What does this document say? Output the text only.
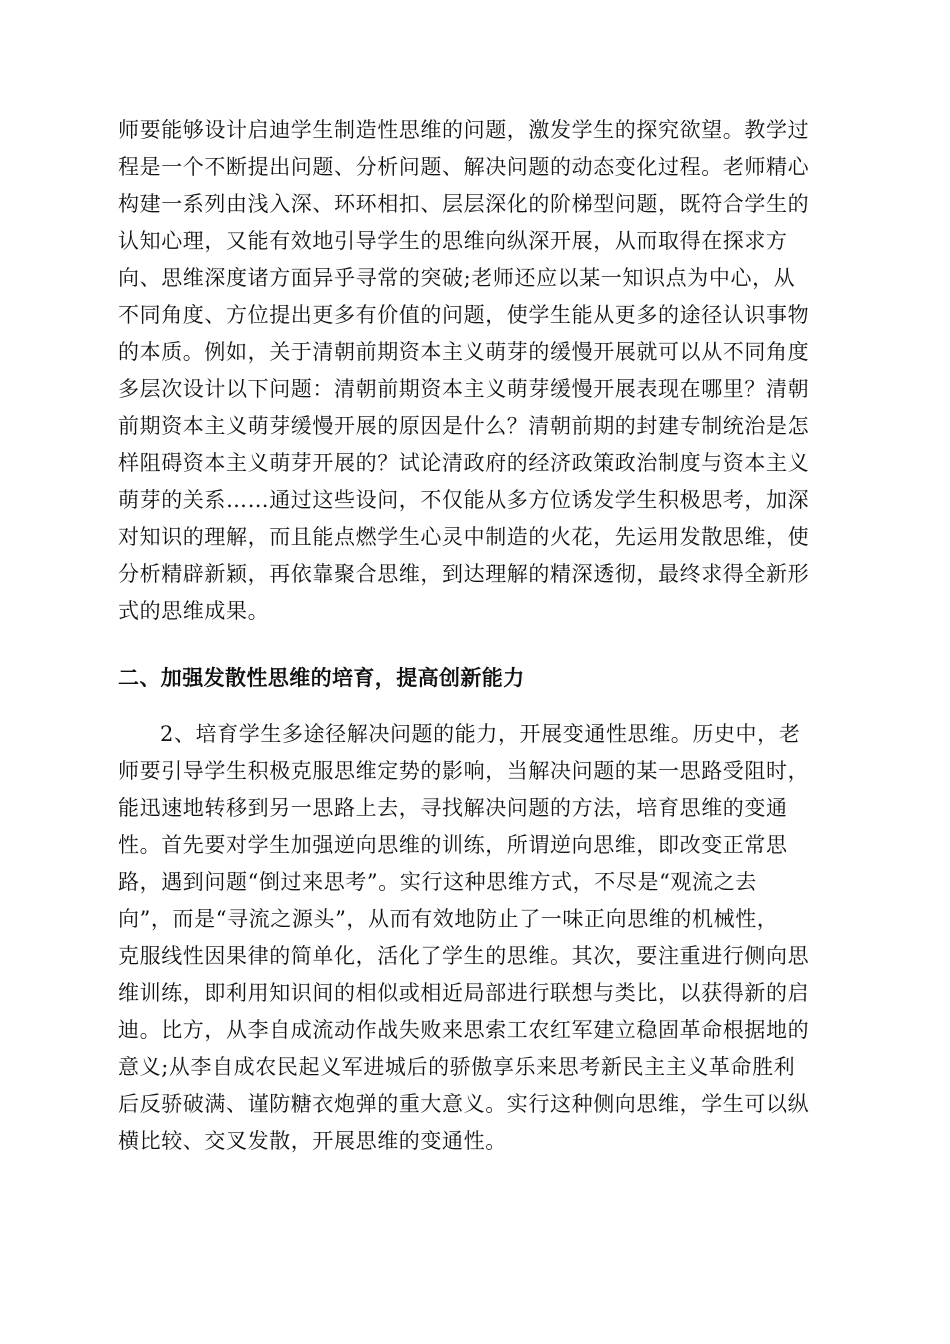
师要能够设计启迪学生制造性思维的问题，激发学生的探究欲望。教学过
程是一个不断提出问题、分析问题、解决问题的动态变化过程。老师精心
构建一系列由浅入深、环环相扣、层层深化的阶梯型问题，既符合学生的
认知心理，又能有效地引导学生的思维向纵深开展，从而取得在探求方
向、思维深度诸方面异乎寻常的突破;老师还应以某一知识点为中心，从
不同角度、方位提出更多有价值的问题，使学生能从更多的途径认识事物
的本质。例如，关于清朝前期资本主义萌芽的缓慢开展就可以从不同角度
多层次设计以下问题：清朝前期资本主义萌芽缓慢开展表现在哪里？清朝
前期资本主义萌芽缓慢开展的原因是什么？清朝前期的封建专制统治是怎
样阻碍资本主义萌芽开展的？试论清政府的经济政策政治制度与资本主义
萌芽的关系……通过这些设问，不仅能从多方位诱发学生积极思考，加深
对知识的理解，而且能点燃学生心灵中制造的火花，先运用发散思维，使
分析精辟新颖，再依靠聚合思维，到达理解的精深透彻，最终求得全新形
式的思维成果。
二、加强发散性思维的培育，提高创新能力
2、培育学生多途径解决问题的能力，开展变通性思维。历史中，老
师要引导学生积极克服思维定势的影响，当解决问题的某一思路受阻时，
能迅速地转移到另一思路上去，寻找解决问题的方法，培育思维的变通
性。首先要对学生加强逆向思维的训练，所谓逆向思维，即改变正常思
路，遇到问题“倒过来思考”。实行这种思维方式，不尽是“观流之去
向”，而是“寻流之源头”，从而有效地防止了一味正向思维的机械性，
克服线性因果律的简单化，活化了学生的思维。其次，要注重进行侧向思
维训练，即利用知识间的相似或相近局部进行联想与类比，以获得新的启
迪。比方，从李自成流动作战失败来思索工农红军建立稳固革命根据地的
意义;从李自成农民起义军进城后的骄傲享乐来思考新民主主义革命胜利
后反骄破满、谨防糖衣炮弹的重大意义。实行这种侧向思维，学生可以纵
横比较、交叉发散，开展思维的变通性。
